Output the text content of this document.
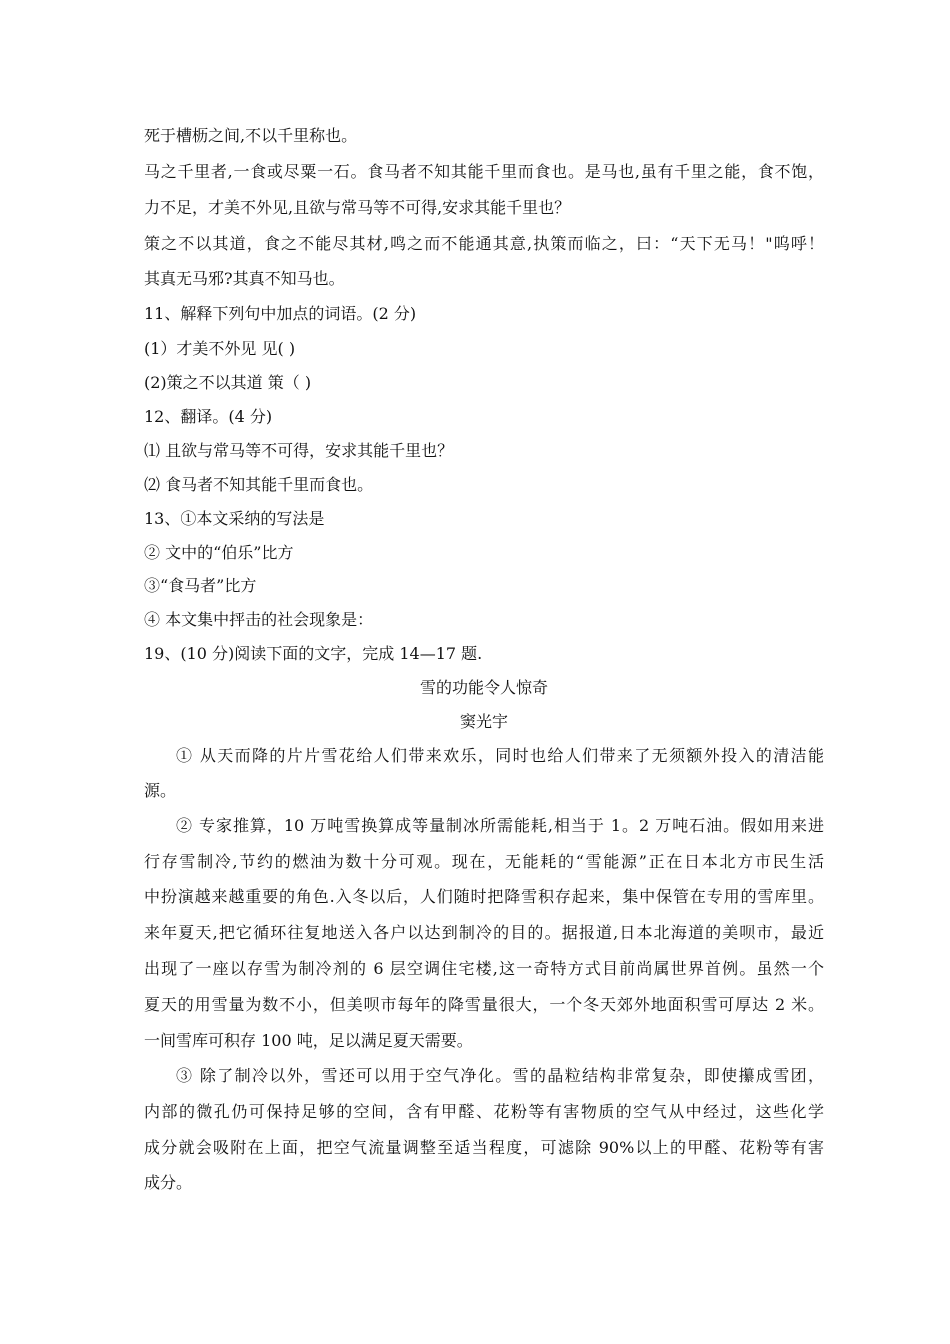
死于槽枥之间,不以千里称也。
马之千里者,一食或尽粟一石。食马者不知其能千里而食也。是马也,虽有千里之能，食不饱，
力不足，才美不外见,且欲与常马等不可得,安求其能千里也？
策之不以其道，食之不能尽其材,鸣之而不能通其意,执策而临之，曰：“天下无马！"呜呼！
其真无马邪?其真不知马也。
11、解释下列句中加点的词语。(2 分)
(1）才美不外见 见( )
(2)策之不以其道 策（ )
12、翻译。(4 分)
⑴ 且欲与常马等不可得，安求其能千里也？
⑵ 食马者不知其能千里而食也。
13、①本文采纳的写法是
② 文中的“伯乐”比方
③“食马者”比方
④ 本文集中抨击的社会现象是：
19、(10 分)阅读下面的文字，完成 14—17 题.
雪的功能令人惊奇
窦光宇
① 从天而降的片片雪花给人们带来欢乐，同时也给人们带来了无须额外投入的清洁能
源。
② 专家推算，10 万吨雪换算成等量制冰所需能耗,相当于 1。2 万吨石油。假如用来进
行存雪制冷,节约的燃油为数十分可观。现在，无能耗的“雪能源”正在日本北方市民生活
中扮演越来越重要的角色.入冬以后，人们随时把降雪积存起来，集中保管在专用的雪库里。
来年夏天,把它循环往复地送入各户以达到制冷的目的。据报道,日本北海道的美呗市，最近
出现了一座以存雪为制冷剂的 6 层空调住宅楼,这一奇特方式目前尚属世界首例。虽然一个
夏天的用雪量为数不小，但美呗市每年的降雪量很大，一个冬天郊外地面积雪可厚达 2 米。
一间雪库可积存 100 吨，足以满足夏天需要。
③ 除了制冷以外，雪还可以用于空气净化。雪的晶粒结构非常复杂，即使攥成雪团，
内部的微孔仍可保持足够的空间，含有甲醛、花粉等有害物质的空气从中经过，这些化学
成分就会吸附在上面，把空气流量调整至适当程度，可滤除 90%以上的甲醛、花粉等有害
成分。
